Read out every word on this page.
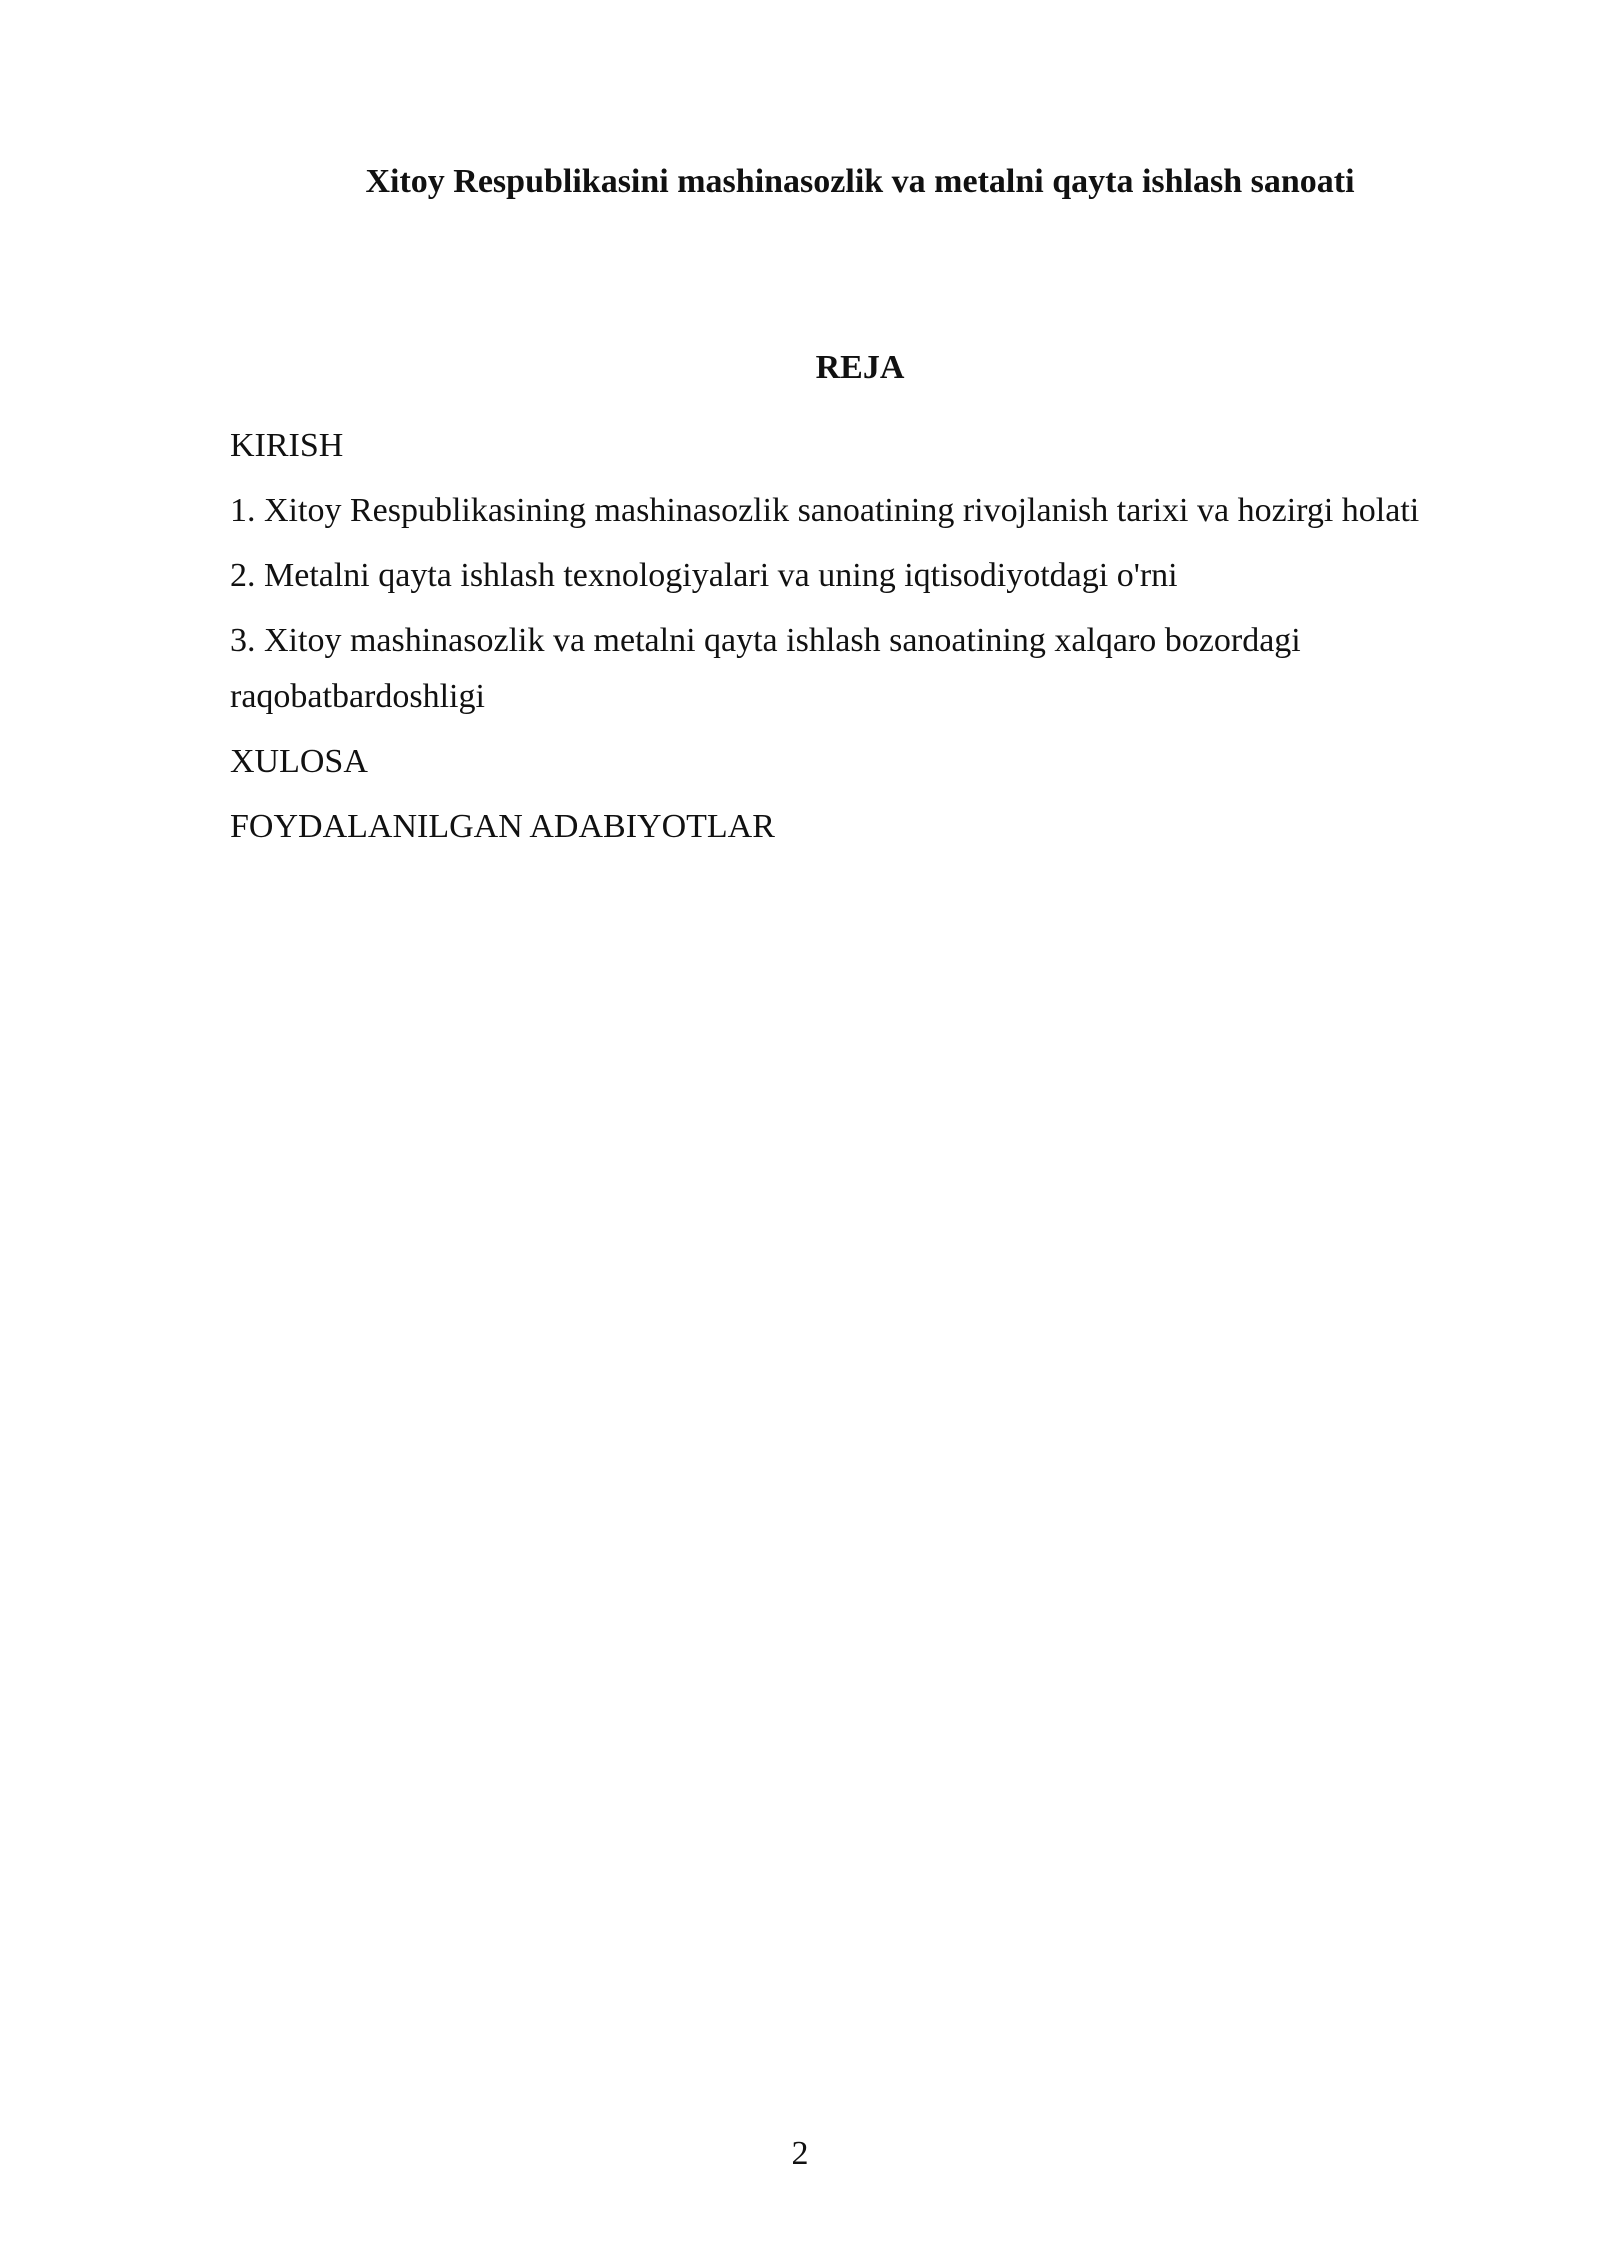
Xitoy Respublikasini mashinasozlik va metalni qayta ishlash sanoati
REJA
KIRISH
1. Xitoy Respublikasining mashinasozlik sanoatining rivojlanish tarixi va hozirgi holati
2. Metalni qayta ishlash texnologiyalari va uning iqtisodiyotdagi o'rni
3. Xitoy mashinasozlik va metalni qayta ishlash sanoatining xalqaro bozordagi raqobatbardoshligi
XULOSA
FOYDALANILGAN ADABIYOTLAR
2
